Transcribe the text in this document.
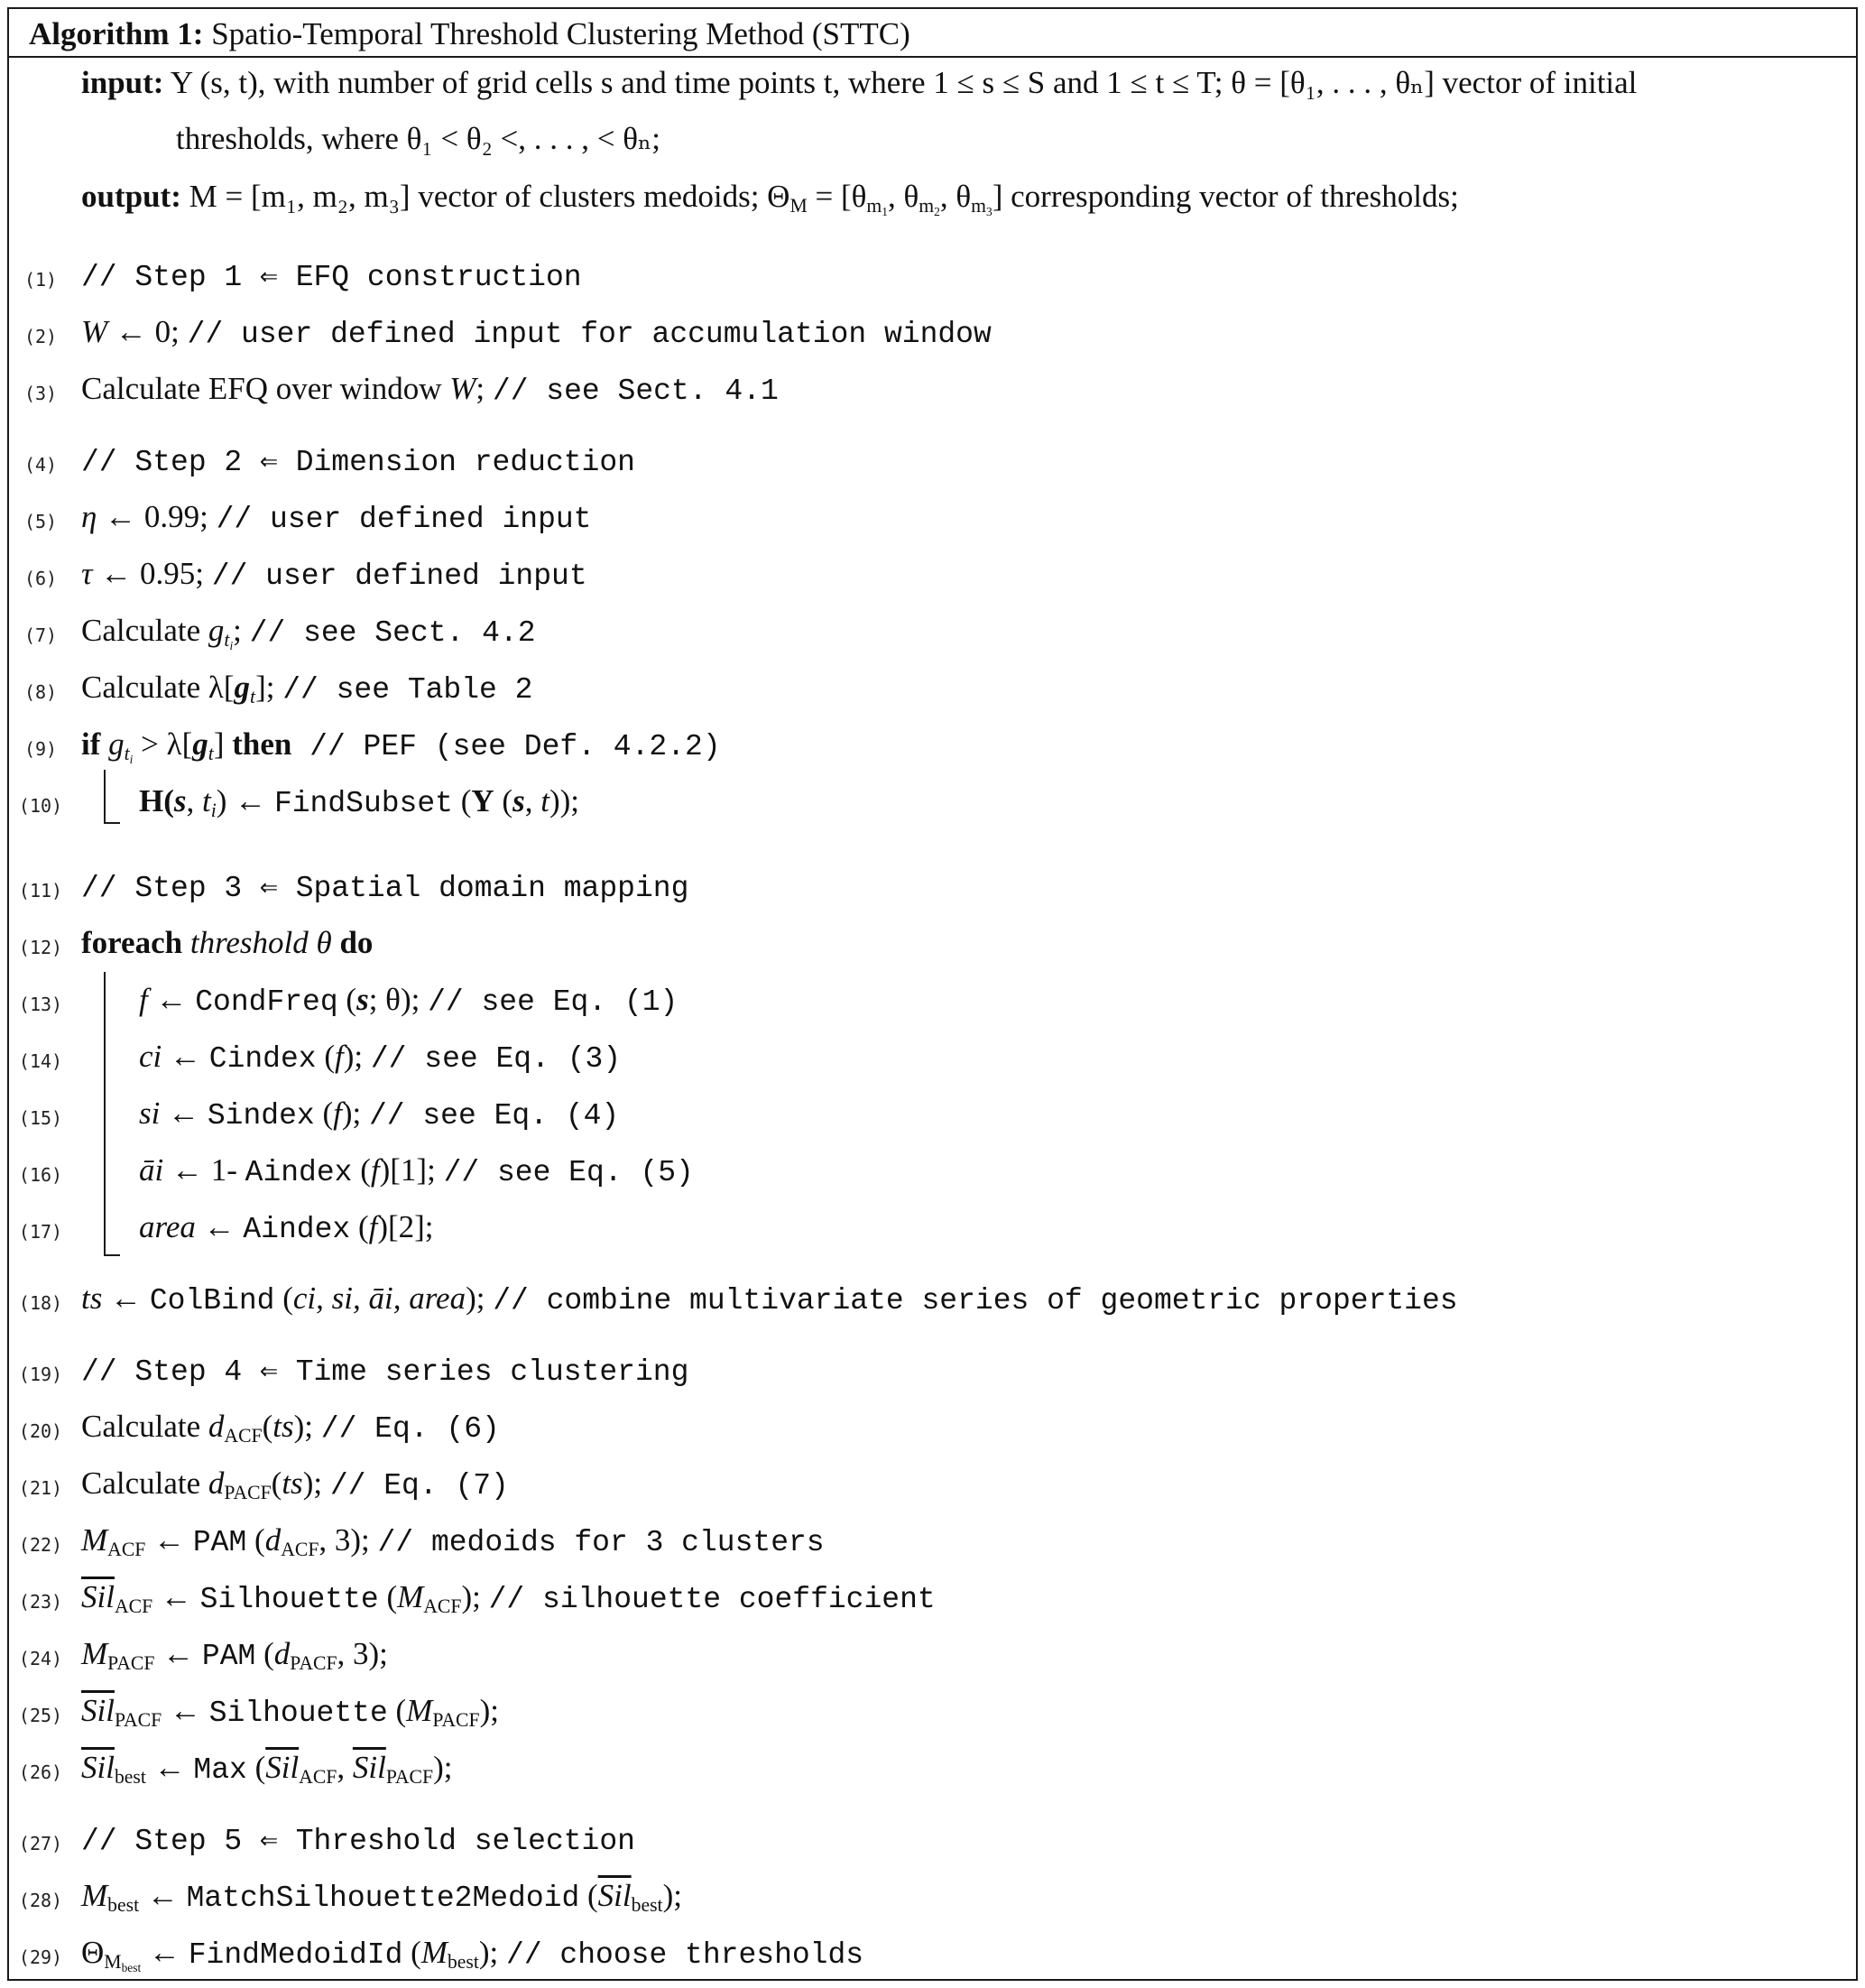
Algorithm 1: Spatio-Temporal Threshold Clustering Method (STTC)
input: Y (s, t), with number of grid cells s and time points t, where 1 ≤ s ≤ S and 1 ≤ t ≤ T; θ = [θ₁, . . . , θₙ] vector of initial
thresholds, where θ₁ < θ₂ <, . . . , < θₙ;
output: M = [m₁, m₂, m₃] vector of clusters medoids; $\Theta_M = [\theta_{m_1}$, $\theta_{m_2}$, $\theta_{m_3}$] corresponding vector of thresholds;
(1) // Step 1 ⇐ EFQ construction
(2) W ← 0; // user defined input for accumulation window
(3) Calculate EFQ over window W; // see Sect. 4.1
(4) // Step 2 ⇐ Dimension reduction
(5) η ← 0.99; // user defined input
(6) τ ← 0.95; // user defined input
(7) Calculate $g_{t_i}$; // see Sect. 4.2
(8) Calculate $\lambda[g_t]$; // see Table 2
(9) if $g_{t_i} > \lambda[g_t]$ then // PEF (see Def. 4.2.2)
(10) H(s, $t_i$) ← FindSubset (Y (s, t));
(11) // Step 3 ⇐ Spatial domain mapping
(12) foreach threshold θ do
(13) f ← CondFreq (s; θ); // see Eq. (1)
(14) ci ← Cindex (f); // see Eq. (3)
(15) si ← Sindex (f); // see Eq. (4)
(16) āi ← 1- Aindex (f)[1]; // see Eq. (5)
(17) area ← Aindex (f)[2];
(18) ts ← ColBind (ci, si, āi, area); // combine multivariate series of geometric properties
(19) // Step 4 ⇐ Time series clustering
(20) Calculate $d_{ACF}(ts)$; // Eq. (6)
(21) Calculate $d_{PACF}(ts)$; // Eq. (7)
(22) $M_{ACF}$ ← PAM ($d_{ACF}$, 3); // medoids for 3 clusters
(23) $\overline{Sil}_{ACF}$ ← Silhouette $(M_{ACF})$; // silhouette coefficient
(24) $M_{PACF}$ ← PAM ($d_{PACF}$, 3);
(25) $\overline{Sil}_{PACF}$ ← Silhouette $(M_{PACF})$;
(26) $\overline{Sil}_{best}$ ← Max ($\overline{Sil}_{ACF}$, $\overline{Sil}_{PACF}$);
(27) // Step 5 ⇐ Threshold selection
(28) $M_{best}$ ← MatchSilhouette2Medoid $(\overline{Sil}_{best})$;
(29) $\Theta_{M_{best}}$ ← FindMedoidId $(M_{best})$; // choose thresholds
